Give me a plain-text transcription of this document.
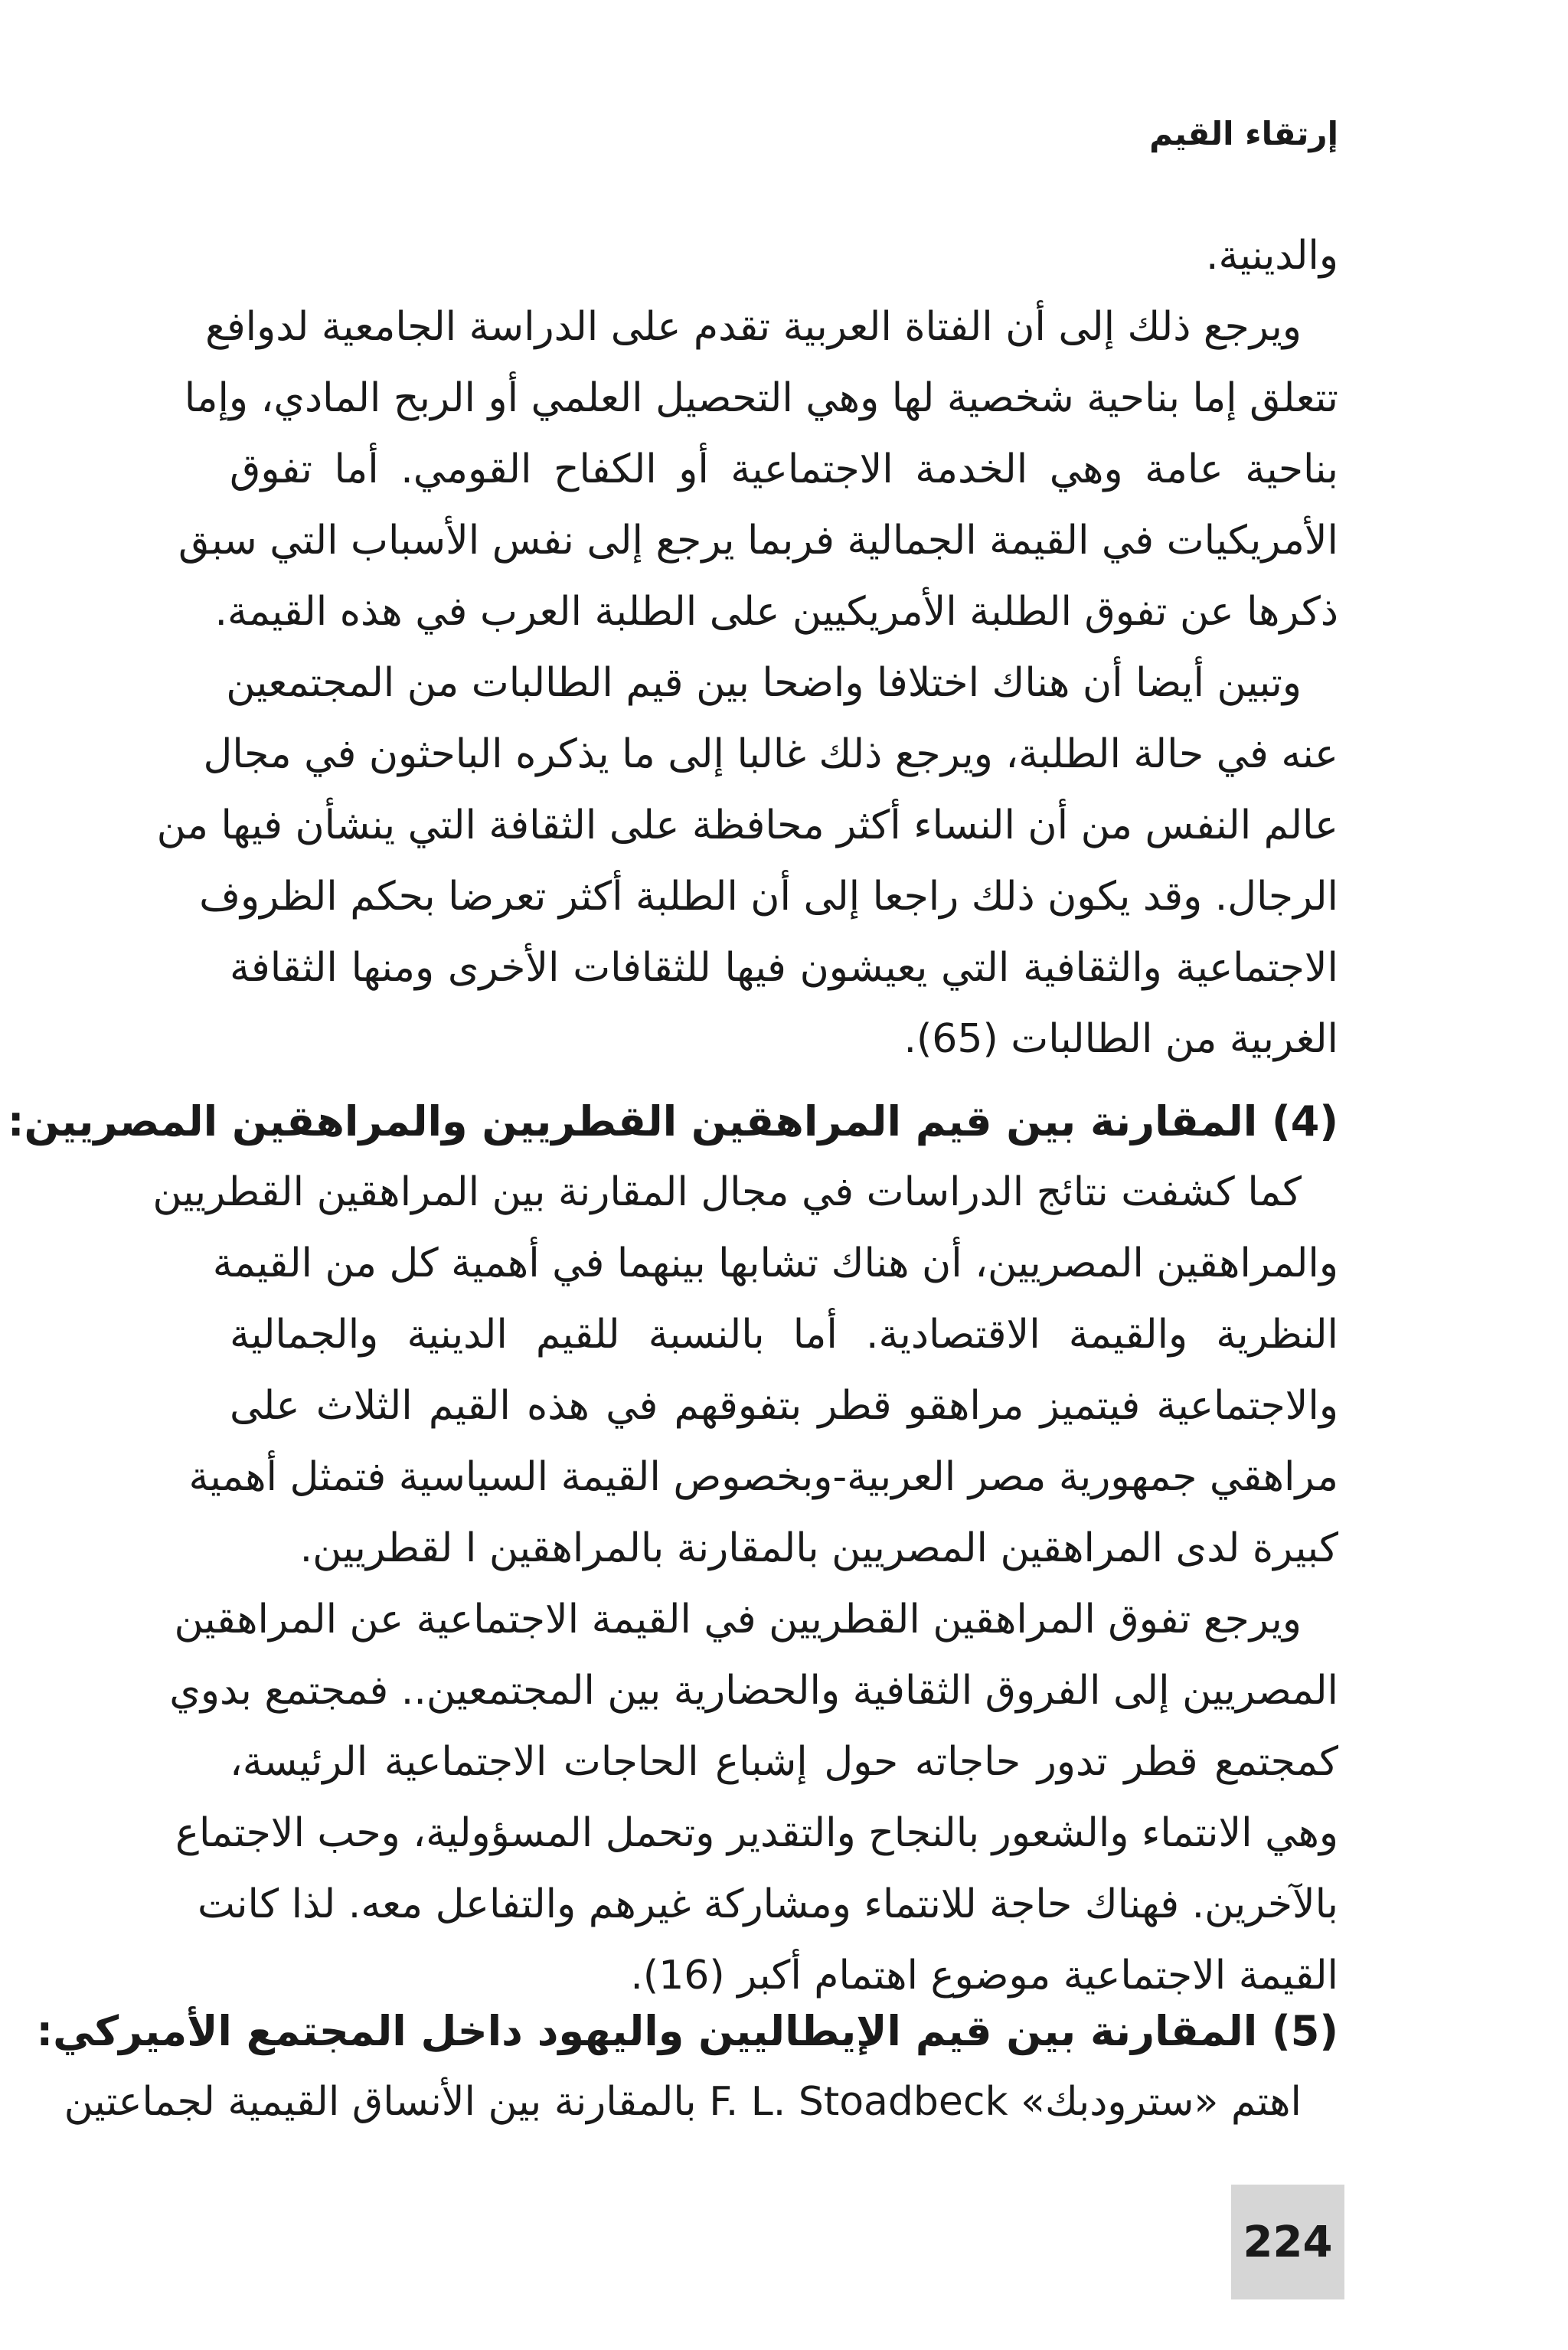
إرتقاء القيم
والدينية.
ويرجع ذلك إلى أن الفتاة العربية تقدم على الدراسة الجامعية لدوافع
تتعلق إما بناحية شخصية لها وهي التحصيل العلمي أو الربح المادي، وإما
بناحية عامة وهي الخدمة الاجتماعية أو الكفاح القومي. أما تفوق
الأمريكيات في القيمة الجمالية فربما يرجع إلى نفس الأسباب التي سبق
ذكرها عن تفوق الطلبة الأمريكيين على الطلبة العرب في هذه القيمة.
وتبين أيضا أن هناك اختلافا واضحا بين قيم الطالبات من المجتمعين
عنه في حالة الطلبة، ويرجع ذلك غالبا إلى ما يذكره الباحثون في مجال
عالم النفس من أن النساء أكثر محافظة على الثقافة التي ينشأن فيها من
الرجال. وقد يكون ذلك راجعا إلى أن الطلبة أكثر تعرضا بحكم الظروف
الاجتماعية والثقافية التي يعيشون فيها للثقافات الأخرى ومنها الثقافة
الغربية من الطالبات (65).
(4) المقارنة بين قيم المراهقين القطريين والمراهقين المصريين:
كما كشفت نتائج الدراسات في مجال المقارنة بين المراهقين القطريين
والمراهقين المصريين، أن هناك تشابها بينهما في أهمية كل من القيمة
النظرية والقيمة الاقتصادية. أما بالنسبة للقيم الدينية والجمالية
والاجتماعية فيتميز مراهقو قطر بتفوقهم في هذه القيم الثلاث على
مراهقي جمهورية مصر العربية-وبخصوص القيمة السياسية فتمثل أهمية
كبيرة لدى المراهقين المصريين بالمقارنة بالمراهقين ا لقطريين.
ويرجع تفوق المراهقين القطريين في القيمة الاجتماعية عن المراهقين
المصريين إلى الفروق الثقافية والحضارية بين المجتمعين.. فمجتمع بدوي
كمجتمع قطر تدور حاجاته حول إشباع الحاجات الاجتماعية الرئيسة،
وهي الانتماء والشعور بالنجاح والتقدير وتحمل المسؤولية، وحب الاجتماع
بالآخرين. فهناك حاجة للانتماء ومشاركة غيرهم والتفاعل معه. لذا كانت
القيمة الاجتماعية موضوع اهتمام أكبر (16).
(5) المقارنة بين قيم الإيطاليين واليهود داخل المجتمع الأميركي:
اهتم «سترودبك» F. L. Stoadbeck بالمقارنة بين الأنساق القيمية لجماعتين
224
